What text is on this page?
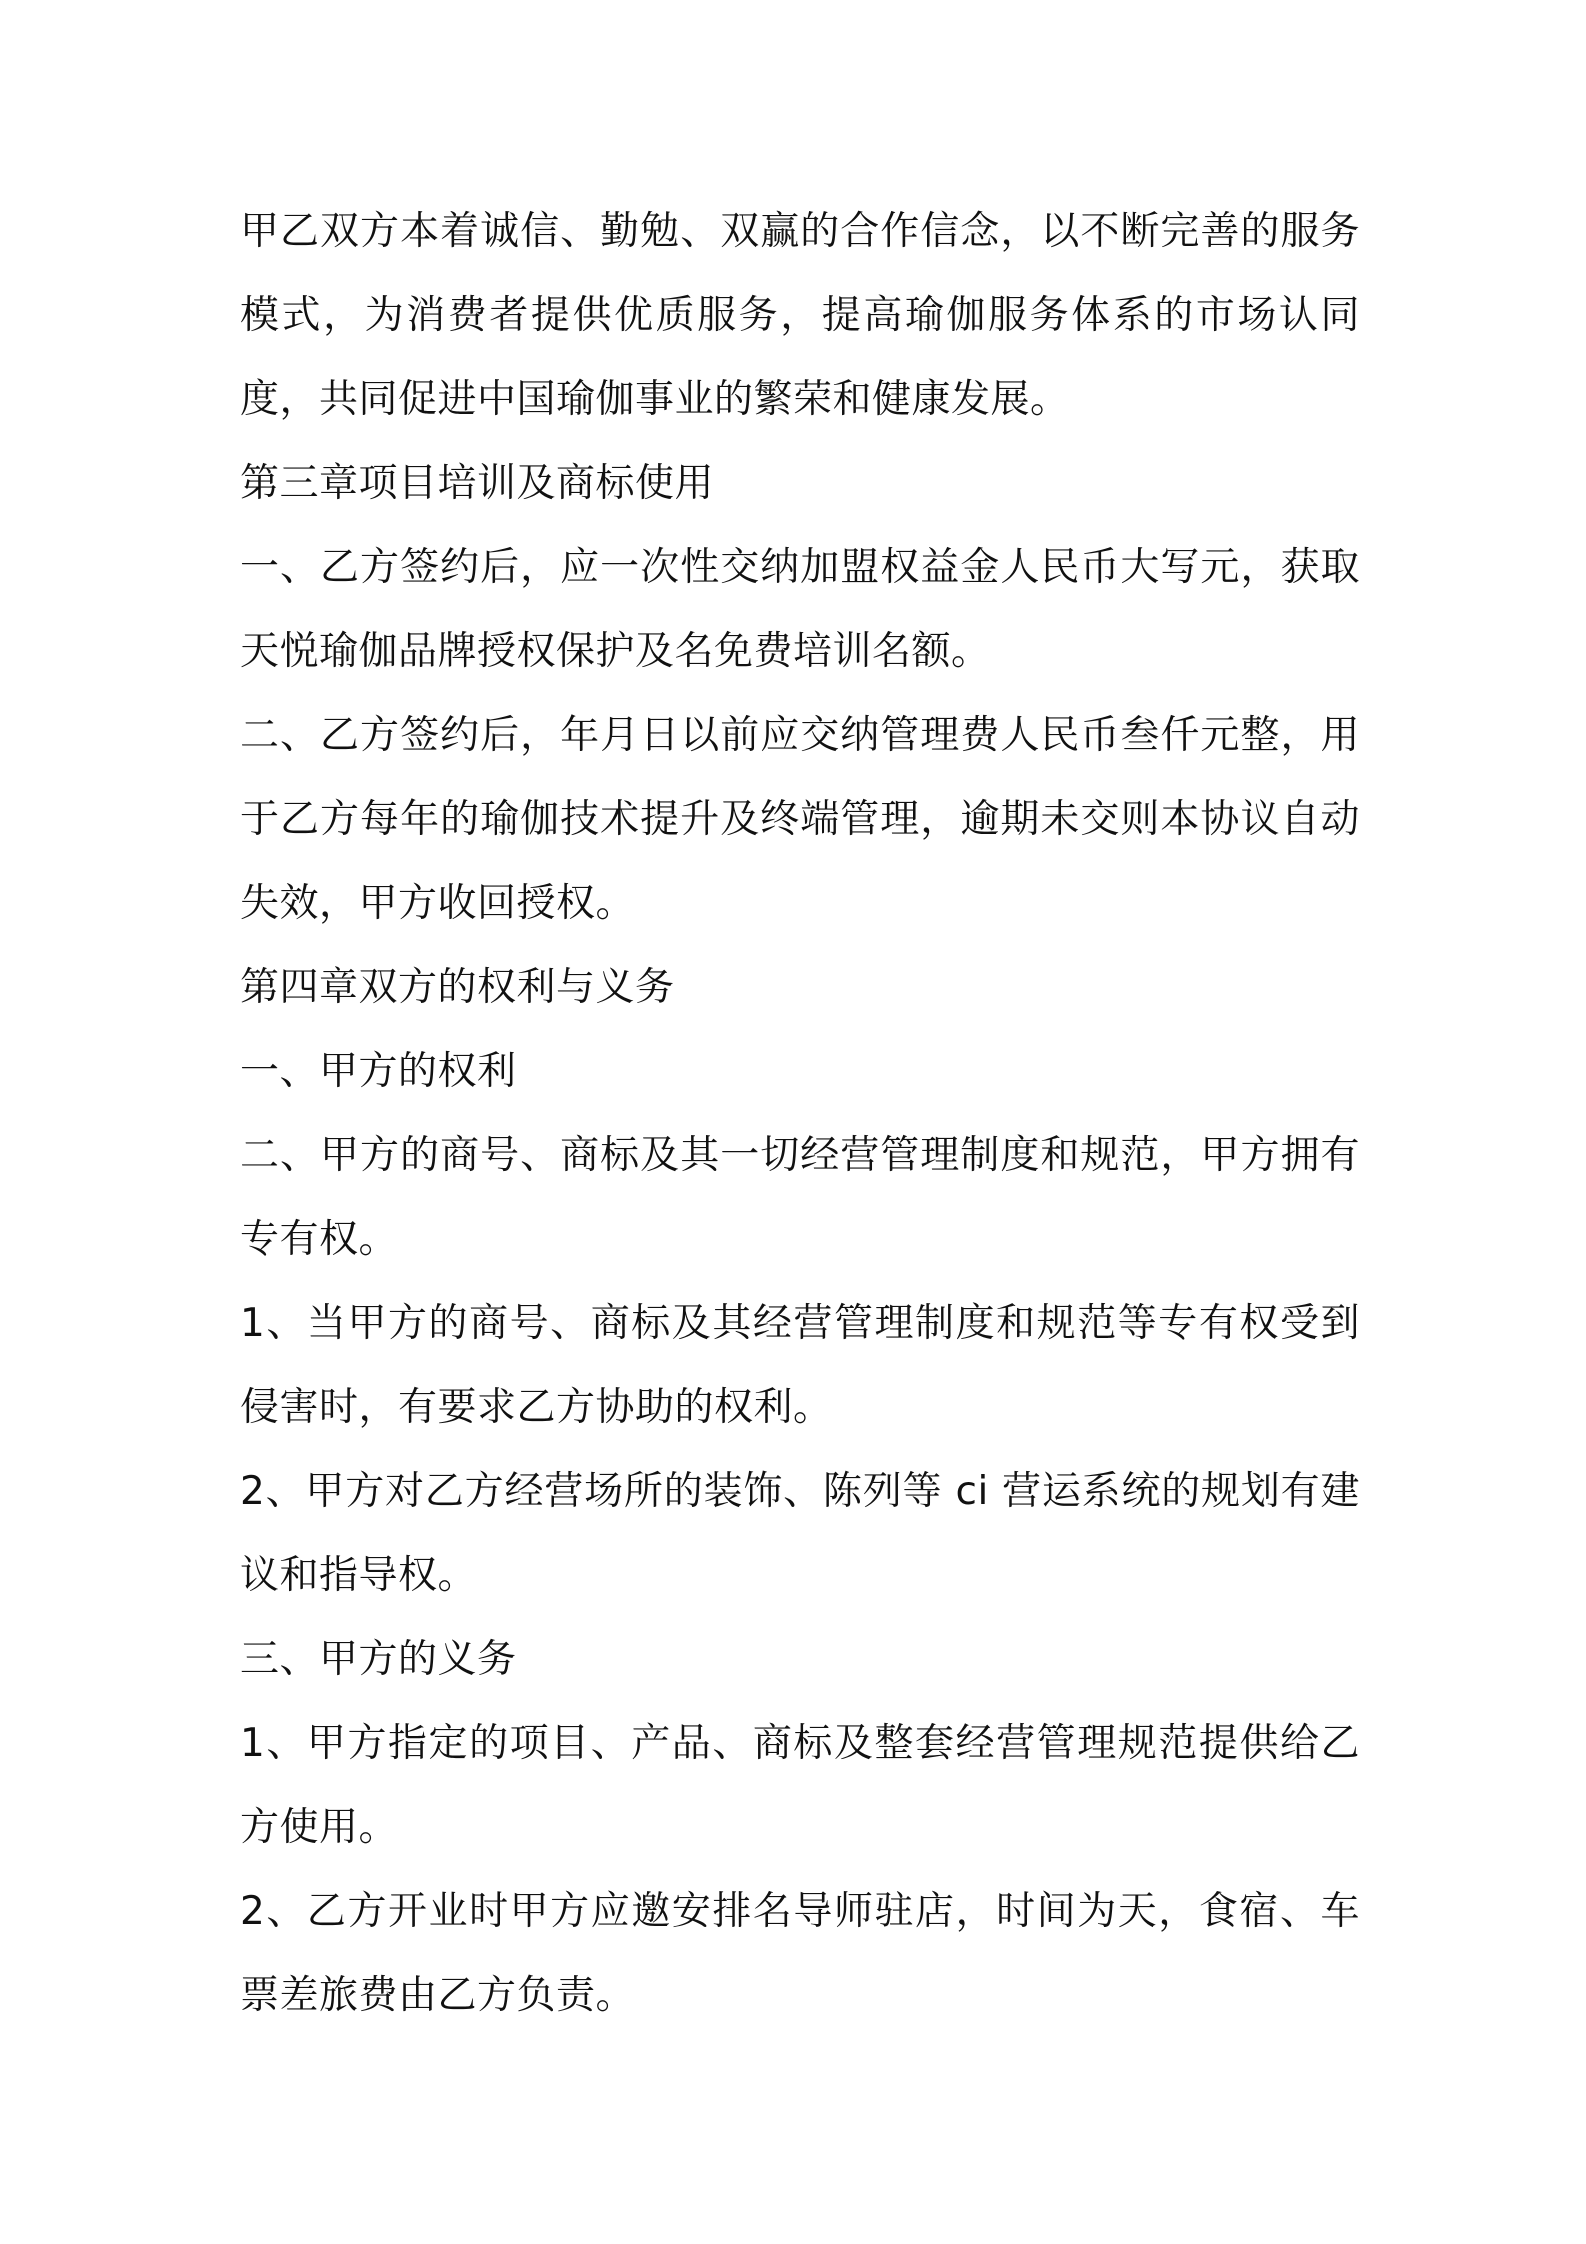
甲乙双方本着诚信、勤勉、双赢的合作信念，以不断完善的服务模式，为消费者提供优质服务，提高瑜伽服务体系的市场认同度，共同促进中国瑜伽事业的繁荣和健康发展。

第三章项目培训及商标使用

一、乙方签约后，应一次性交纳加盟权益金人民币大写元，获取天悦瑜伽品牌授权保护及名免费培训名额。

二、乙方签约后，年月日以前应交纳管理费人民币叁仟元整，用于乙方每年的瑜伽技术提升及终端管理，逾期未交则本协议自动失效，甲方收回授权。

第四章双方的权利与义务

一、甲方的权利

二、甲方的商号、商标及其一切经营管理制度和规范，甲方拥有专有权。

1、当甲方的商号、商标及其经营管理制度和规范等专有权受到侵害时，有要求乙方协助的权利。

2、甲方对乙方经营场所的装饰、陈列等 ci 营运系统的规划有建议和指导权。

三、甲方的义务

1、甲方指定的项目、产品、商标及整套经营管理规范提供给乙方使用。

2、乙方开业时甲方应邀安排名导师驻店，时间为天，食宿、车票差旅费由乙方负责。
